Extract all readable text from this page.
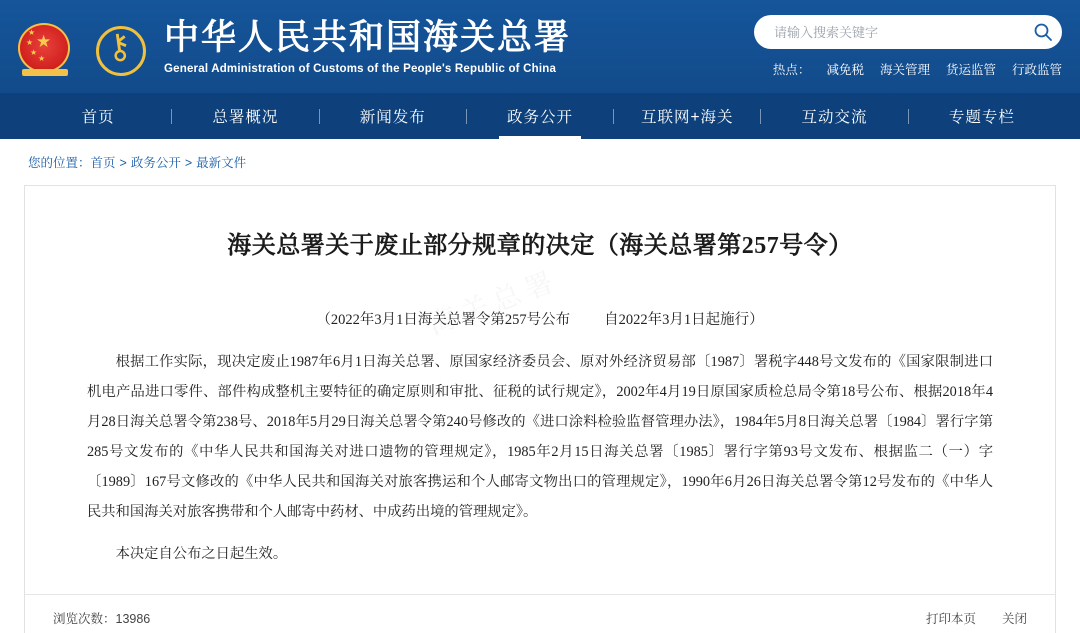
★
★
★
★
★ ⚷ 中华人民共和国海关总署
General Administration of Customs of the People's Republic of China
请输入搜索关键字	热点： 减免税 海关管理 货运监管 行政监管
首页	总署概况	新闻发布	政务公开	互联网+海关	互动交流	专题专栏
您的位置：首页 > 政务公开 > 最新文件
海关总署关于废止部分规章的决定（海关总署第257号令）
（2022年3月1日海关总署令第257号公布 自2022年3月1日起施行）

根据工作实际，现决定废止1987年6月1日海关总署、原国家经济委员会、原对外经济贸易部〔1987〕署税字448号文发布的《国家限制进口机电产品进口零件、部件构成整机主要特征的确定原则和审批、征税的试行规定》，2002年4月19日原国家质检总局令第18号公布、根据2018年4月28日海关总署令第238号、2018年5月29日海关总署令第240号修改的《进口涂料检验监督管理办法》，1984年5月8日海关总署〔1984〕署行字第285号文发布的《中华人民共和国海关对进口遗物的管理规定》，1985年2月15日海关总署〔1985〕署行字第93号文发布、根据监二（一）字〔1989〕167号文修改的《中华人民共和国海关对旅客携运和个人邮寄文物出口的管理规定》，1990年6月26日海关总署令第12号发布的《中华人民共和国海关对旅客携带和个人邮寄中药材、中成药出境的管理规定》。

本决定自公布之日起生效。

浏览次数：13986	打印本页 关闭
